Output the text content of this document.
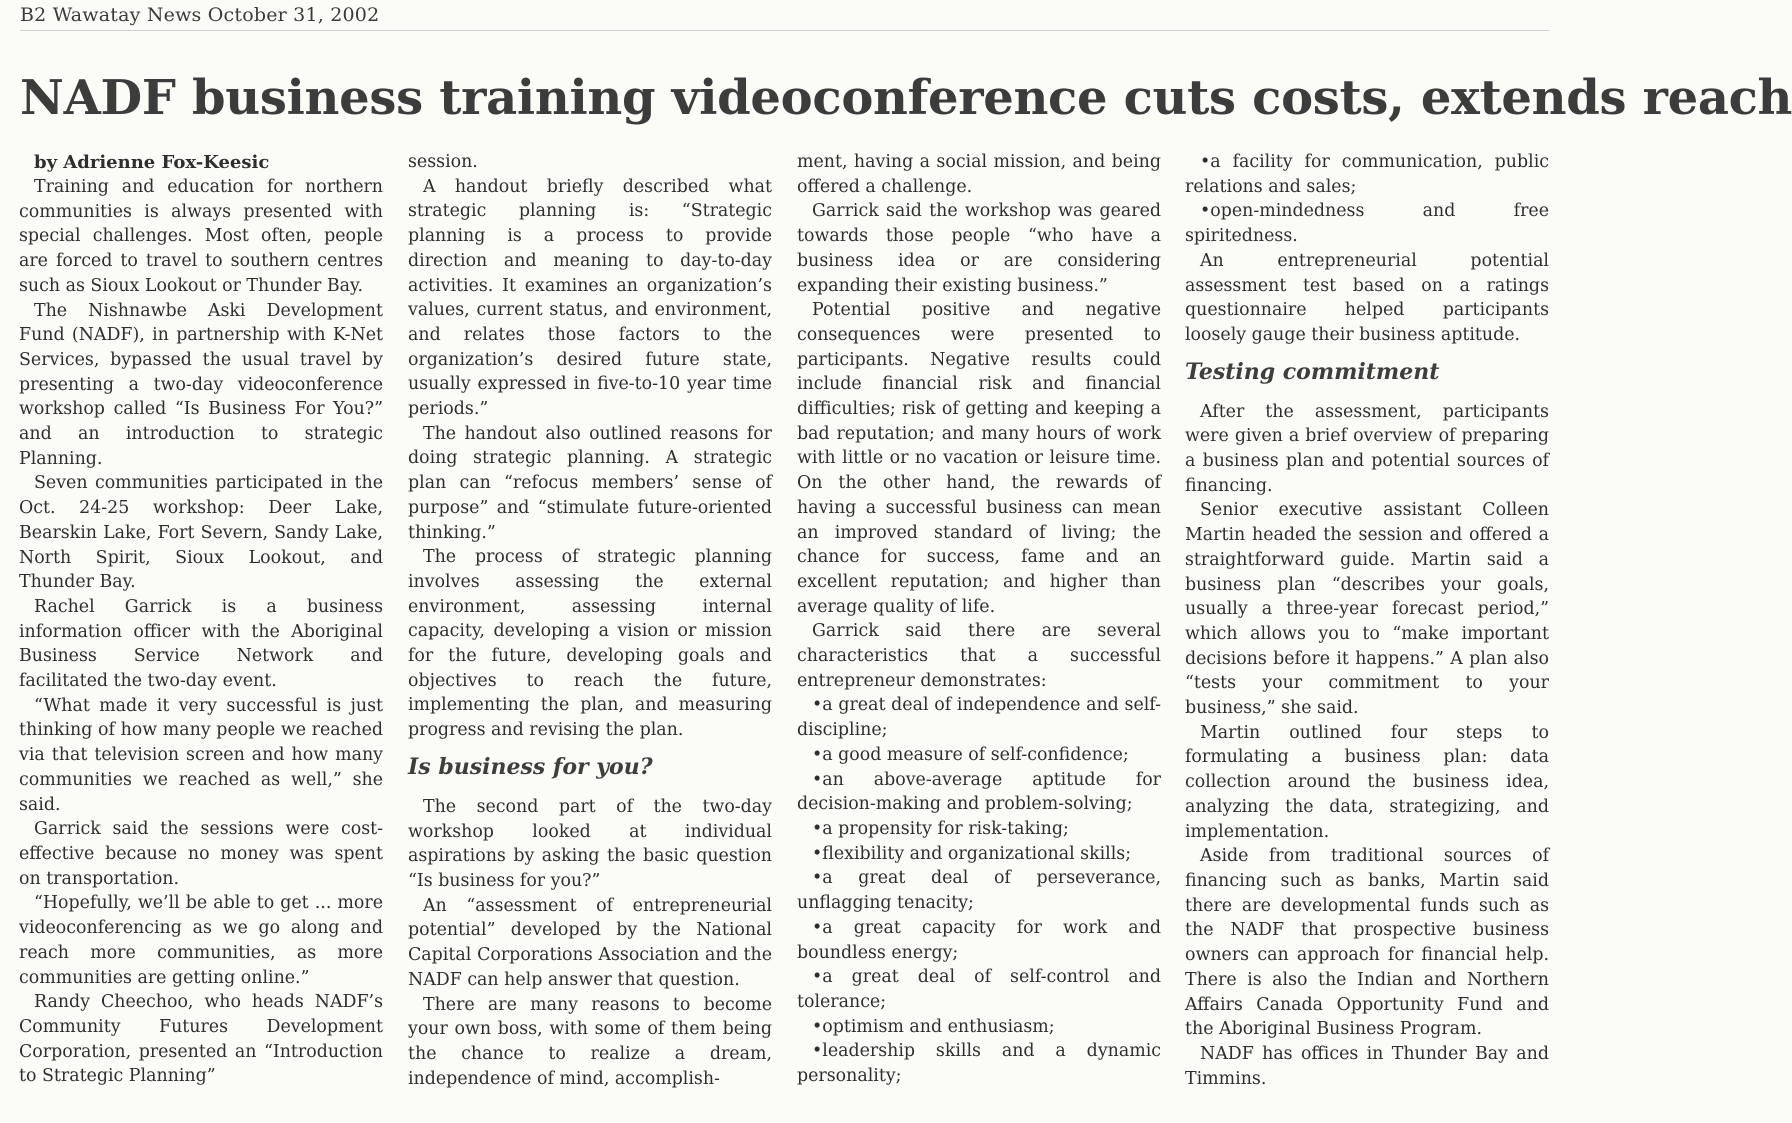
B2 Wawatay News October 31, 2002
NADF business training videoconference cuts costs, extends reach

by Adrienne Fox-Keesic

Training and education for northern communities is always presented with special challenges. Most often, people are forced to travel to southern centres such as Sioux Lookout or Thunder Bay.

The Nishnawbe Aski Development Fund (NADF), in partnership with K-Net Services, bypassed the usual travel by presenting a two-day videoconference workshop called “Is Business For You?” and an introduction to strategic Planning.

Seven communities participated in the Oct. 24-25 workshop: Deer Lake, Bearskin Lake, Fort Severn, Sandy Lake, North Spirit, Sioux Lookout, and Thunder Bay.

Rachel Garrick is a business information officer with the Aboriginal Business Service Network and facilitated the two-day event.

“What made it very successful is just thinking of how many people we reached via that television screen and how many communities we reached as well,” she said.

Garrick said the sessions were cost-effective because no money was spent on transportation.

“Hopefully, we’ll be able to get ... more videoconferencing as we go along and reach more communities, as more communities are getting online.”

Randy Cheechoo, who heads NADF’s Community Futures Development Corporation, presented an “Introduction to Strategic Planning”

session.

A handout briefly described what strategic planning is: “Strategic planning is a process to provide direction and meaning to day-to-day activities. It examines an organization’s values, current status, and environment, and relates those factors to the organization’s desired future state, usually expressed in five-to-10 year time periods.”

The handout also outlined reasons for doing strategic planning. A strategic plan can “refocus members’ sense of purpose” and “stimulate future-oriented thinking.”

The process of strategic planning involves assessing the external environment, assessing internal capacity, developing a vision or mission for the future, developing goals and objectives to reach the future, implementing the plan, and measuring progress and revising the plan.

Is business for you?

The second part of the two-day workshop looked at individual aspirations by asking the basic question “Is business for you?”

An “assessment of entrepreneurial potential” developed by the National Capital Corporations Association and the NADF can help answer that question.

There are many reasons to become your own boss, with some of them being the chance to realize a dream, independence of mind, accomplish-

ment, having a social mission, and being offered a challenge.

Garrick said the workshop was geared towards those people “who have a business idea or are considering expanding their existing business.”

Potential positive and negative consequences were presented to participants. Negative results could include financial risk and financial difficulties; risk of getting and keeping a bad reputation; and many hours of work with little or no vacation or leisure time. On the other hand, the rewards of having a successful business can mean an improved standard of living; the chance for success, fame and an excellent reputation; and higher than average quality of life.

Garrick said there are several characteristics that a successful entrepreneur demonstrates:

•a great deal of independence and self-discipline;

•a good measure of self-confidence;

•an above-average aptitude for decision-making and problem-solving;

•a propensity for risk-taking;

•flexibility and organizational skills;

•a great deal of perseverance, unflagging tenacity;

•a great capacity for work and boundless energy;

•a great deal of self-control and tolerance;

•optimism and enthusiasm;

•leadership skills and a dynamic personality;

•a facility for communication, public relations and sales;

•open-mindedness and free spiritedness.

An entrepreneurial potential assessment test based on a ratings questionnaire helped participants loosely gauge their business aptitude.

Testing commitment

After the assessment, participants were given a brief overview of preparing a business plan and potential sources of financing.

Senior executive assistant Colleen Martin headed the session and offered a straightforward guide. Martin said a business plan “describes your goals, usually a three-year forecast period,” which allows you to “make important decisions before it happens.” A plan also “tests your commitment to your business,” she said.

Martin outlined four steps to formulating a business plan: data collection around the business idea, analyzing the data, strategizing, and implementation.

Aside from traditional sources of financing such as banks, Martin said there are developmental funds such as the NADF that prospective business owners can approach for financial help. There is also the Indian and Northern Affairs Canada Opportunity Fund and the Aboriginal Business Program.

NADF has offices in Thunder Bay and Timmins.
